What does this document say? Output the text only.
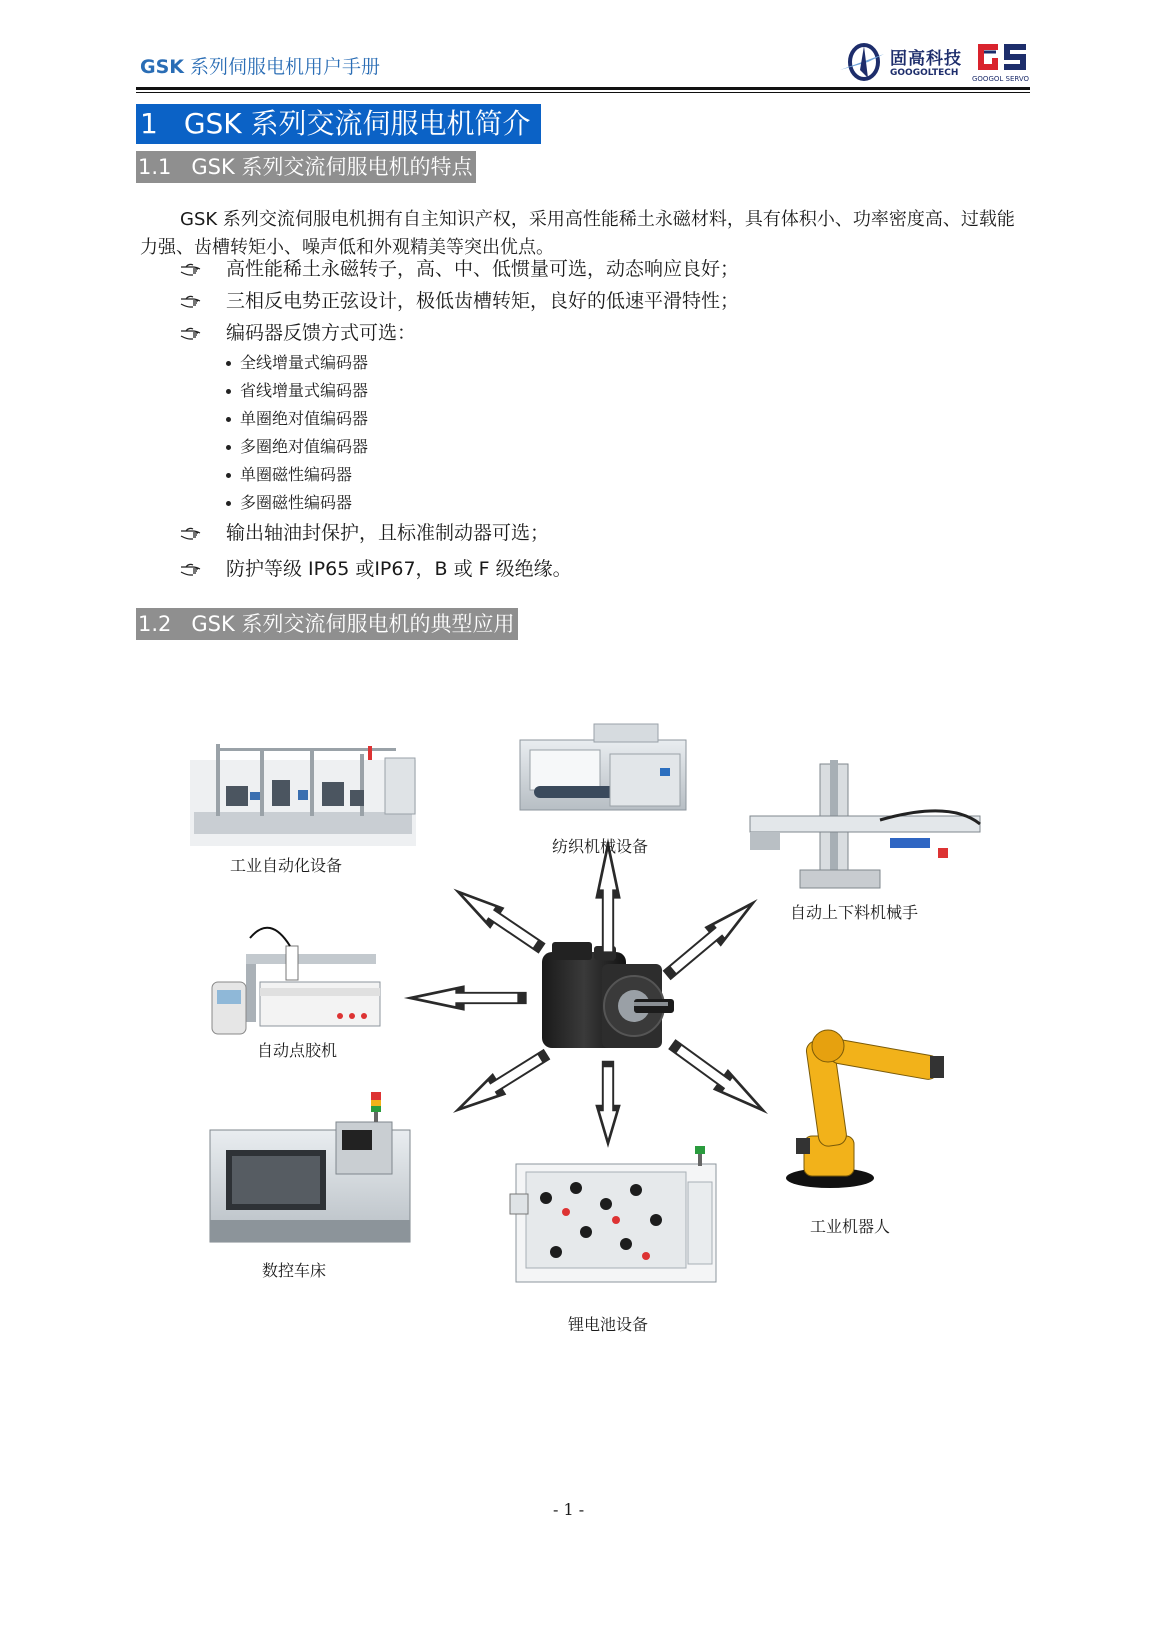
GSK 系列伺服电机用户手册	固高科技
GOOGOLTECH
GOOGOL SERVO
1 GSK 系列交流伺服电机简介
1.1 GSK 系列交流伺服电机的特点
GSK 系列交流伺服电机拥有自主知识产权，采用高性能稀土永磁材料，具有体积小、功率密度高、过载能力强、齿槽转矩小、噪声低和外观精美等突出优点。
高性能稀土永磁转子，高、中、低惯量可选，动态响应良好；
三相反电势正弦设计，极低齿槽转矩，良好的低速平滑特性；
编码器反馈方式可选：
全线增量式编码器
省线增量式编码器
单圈绝对值编码器
多圈绝对值编码器
单圈磁性编码器
多圈磁性编码器
输出轴油封保护，且标准制动器可选；
防护等级 IP65 或IP67，B 或 F 级绝缘。
1.2 GSK 系列交流伺服电机的典型应用
工业自动化设备
纺织机械设备
自动上下料机械手
自动点胶机
工业机器人
数控车床
锂电池设备
- 1 -
